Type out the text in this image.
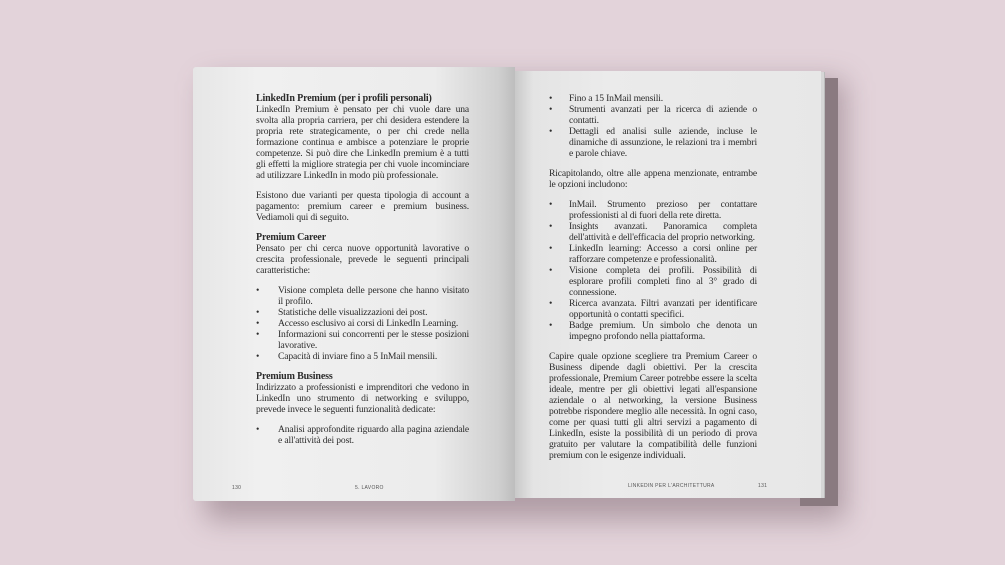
LinkedIn Premium (per i profili personali)

LinkedIn Premium è pensato per chi vuole dare una svolta alla propria carriera, per chi desidera estendere la propria rete strategicamente, o per chi crede nella formazione continua e ambisce a potenziare le proprie competenze. Si può dire che LinkedIn premium è a tutti gli effetti la migliore strategia per chi vuole incominciare ad utilizzare LinkedIn in modo più professionale.

Esistono due varianti per questa tipologia di account a pagamento: premium career e premium business. Vediamoli qui di seguito.

Premium Career

Pensato per chi cerca nuove opportunità lavorative o crescita professionale, prevede le seguenti principali caratteristiche:

• Visione completa delle persone che hanno visitato il profilo.
• Statistiche delle visualizzazioni dei post.
• Accesso esclusivo ai corsi di LinkedIn Learning.
• Informazioni sui concorrenti per le stesse posizioni lavorative.
• Capacità di inviare fino a 5 InMail mensili.
Premium Business

Indirizzato a professionisti e imprenditori che vedono in LinkedIn uno strumento di networking e sviluppo, prevede invece le seguenti funzionalità dedicate:

• Analisi approfondite riguardo alla pagina aziendale e all'attività dei post.
130	5. LAVORO
• Fino a 15 InMail mensili.
• Strumenti avanzati per la ricerca di aziende o contatti.
• Dettagli ed analisi sulle aziende, incluse le dinamiche di assunzione, le relazioni tra i membri e parole chiave.

Ricapitolando, oltre alle appena menzionate, entrambe le opzioni includono:

• InMail. Strumento prezioso per contattare professionisti al di fuori della rete diretta.
• Insights avanzati. Panoramica completa dell'attività e dell'efficacia del proprio networking.
• LinkedIn learning: Accesso a corsi online per rafforzare competenze e professionalità.
• Visione completa dei profili. Possibilità di esplorare profili completi fino al 3° grado di connessione.
• Ricerca avanzata. Filtri avanzati per identificare opportunità o contatti specifici.
• Badge premium. Un simbolo che denota un impegno profondo nella piattaforma.

Capire quale opzione scegliere tra Premium Career o Business dipende dagli obiettivi. Per la crescita professionale, Premium Career potrebbe essere la scelta ideale, mentre per gli obiettivi legati all'espansione aziendale o al networking, la versione Business potrebbe rispondere meglio alle necessità. In ogni caso, come per quasi tutti gli altri servizi a pagamento di LinkedIn, esiste la possibilità di un periodo di prova gratuito per valutare la compatibilità delle funzioni premium con le esigenze individuali.

LINKEDIN PER L'ARCHITETTURA	131
